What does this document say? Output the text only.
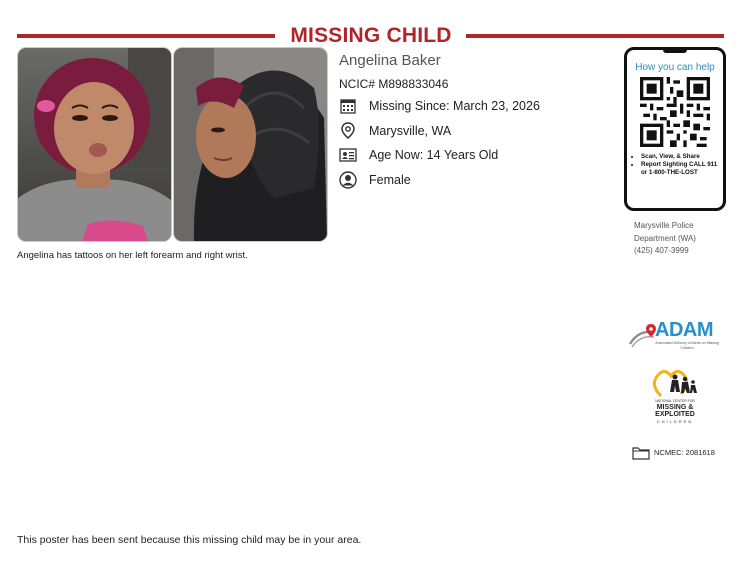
MISSING CHILD
Angelina Baker
NCIC# M898833046
Missing Since: March 23, 2026
Marysville, WA
Age Now: 14 Years Old
Female
Angelina has tattoos on her left forearm and right wrist.
How you can help
• Scan, View, & Share
• Report Sighting CALL 911 or 1-800-THE-LOST
Marysville Police
Department (WA)
(425) 407-3999
ADAM
Automated Delivery of Alerts on Missing Children
NATIONAL CENTER FOR
MISSING &
EXPLOITED
CHILDREN
NCMEC: 2081618
This poster has been sent because this missing child may be in your area.
